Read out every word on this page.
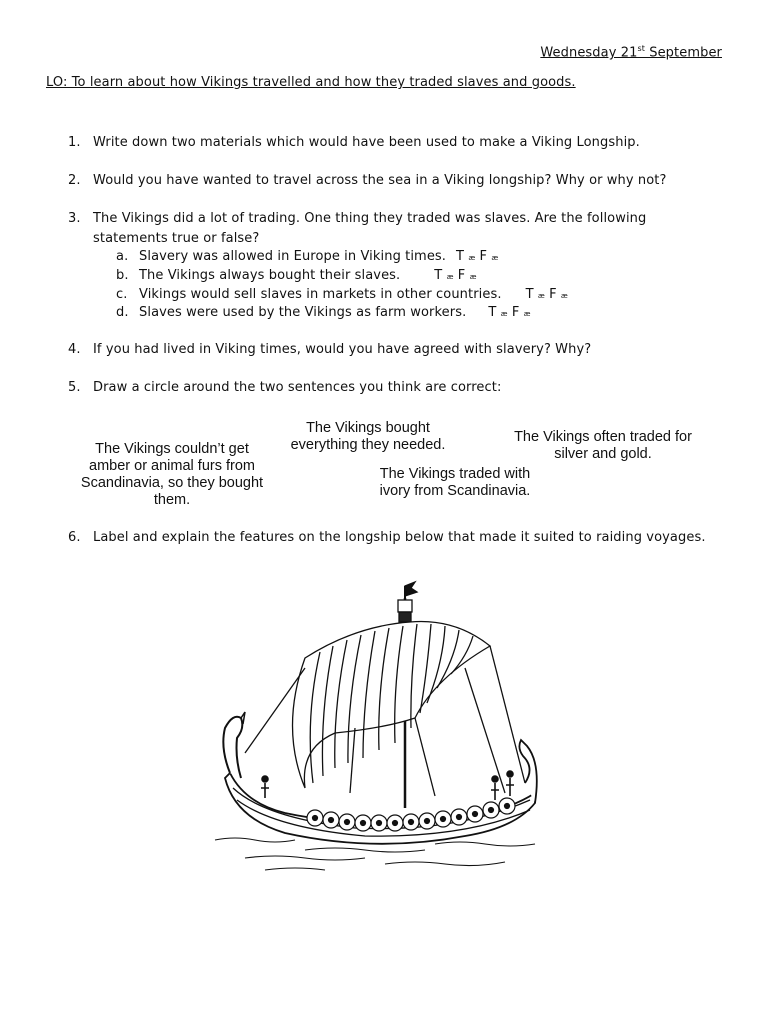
Wednesday 21st September
LO: To learn about how Vikings travelled and how they traded slaves and goods.
1. Write down two materials which would have been used to make a Viking Longship.
2. Would you have wanted to travel across the sea in a Viking longship? Why or why not?
3. The Vikings did a lot of trading. One thing they traded was slaves. Are the following
statements true or false?
a. Slavery was allowed in Europe in Viking times. T æ F æ
b. The Vikings always bought their slaves.	T æ F æ
c. Vikings would sell slaves in markets in other countries. T æ F æ
d. Slaves were used by the Vikings as farm workers. T æ F æ
4. If you had lived in Viking times, would you have agreed with slavery? Why?
5. Draw a circle around the two sentences you think are correct:
The Vikings couldn’t get amber or animal furs from Scandinavia, so they bought them.
The Vikings bought everything they needed.
The Vikings traded with ivory from Scandinavia.
The Vikings often traded for silver and gold.
6. Label and explain the features on the longship below that made it suited to raiding voyages.
